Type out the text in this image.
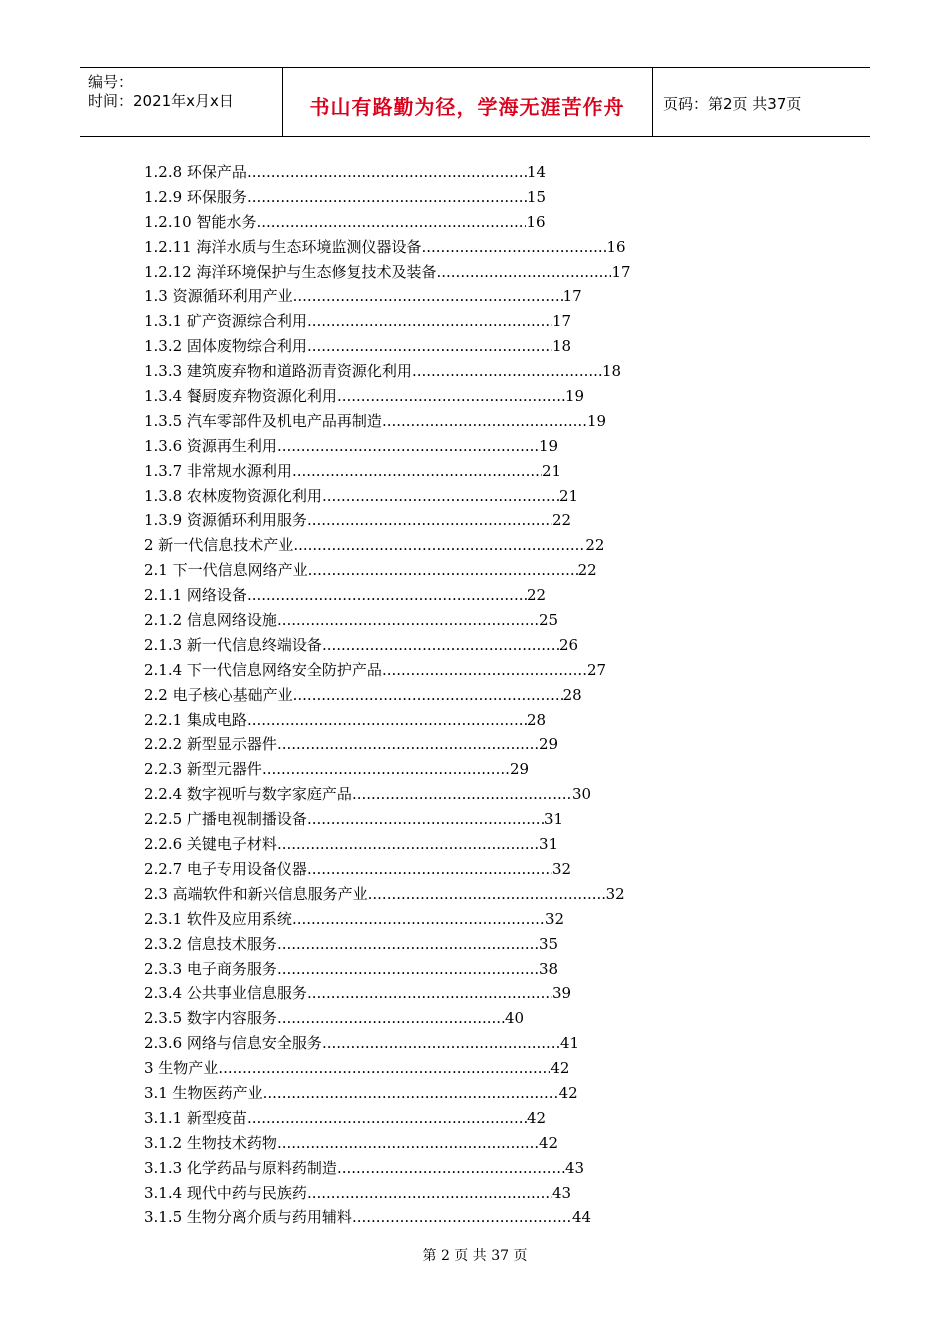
编号：
时间：2021年x月x日	书山有路勤为径，学海无涯苦作舟	页码：第2页 共37页
1.2.8 环保产品 .....	14
1.2.9 环保服务 .....	15
1.2.10 智能水务 .....	16
1.2.11 海洋水质与生态环境监测仪器设备 .....	16
1.2.12 海洋环境保护与生态修复技术及装备 .....	17
1.3 资源循环利用产业 .....	17
1.3.1 矿产资源综合利用 .....	17
1.3.2 固体废物综合利用 .....	18
1.3.3 建筑废弃物和道路沥青资源化利用 .....	18
1.3.4 餐厨废弃物资源化利用 .....	19
1.3.5 汽车零部件及机电产品再制造 .....	19
1.3.6 资源再生利用 .....	19
1.3.7 非常规水源利用 .....	21
1.3.8 农林废物资源化利用 .....	21
1.3.9 资源循环利用服务 .....	22
2 新一代信息技术产业 .....	22
2.1 下一代信息网络产业 .....	22
2.1.1 网络设备 .....	22
2.1.2 信息网络设施 .....	25
2.1.3 新一代信息终端设备 .....	26
2.1.4 下一代信息网络安全防护产品 .....	27
2.2 电子核心基础产业 .....	28
2.2.1 集成电路 .....	28
2.2.2 新型显示器件 .....	29
2.2.3 新型元器件 .....	29
2.2.4 数字视听与数字家庭产品 .....	30
2.2.5 广播电视制播设备 .....	31
2.2.6 关键电子材料 .....	31
2.2.7 电子专用设备仪器 .....	32
2.3 高端软件和新兴信息服务产业 .....	32
2.3.1 软件及应用系统 .....	32
2.3.2 信息技术服务 .....	35
2.3.3 电子商务服务 .....	38
2.3.4 公共事业信息服务 .....	39
2.3.5 数字内容服务 .....	40
2.3.6 网络与信息安全服务 .....	41
3 生物产业 .....	42
3.1 生物医药产业 .....	42
3.1.1 新型疫苗 .....	42
3.1.2 生物技术药物 .....	42
3.1.3 化学药品与原料药制造 .....	43
3.1.4 现代中药与民族药 .....	43
3.1.5 生物分离介质与药用辅料 .....	44
第 2 页 共 37 页
